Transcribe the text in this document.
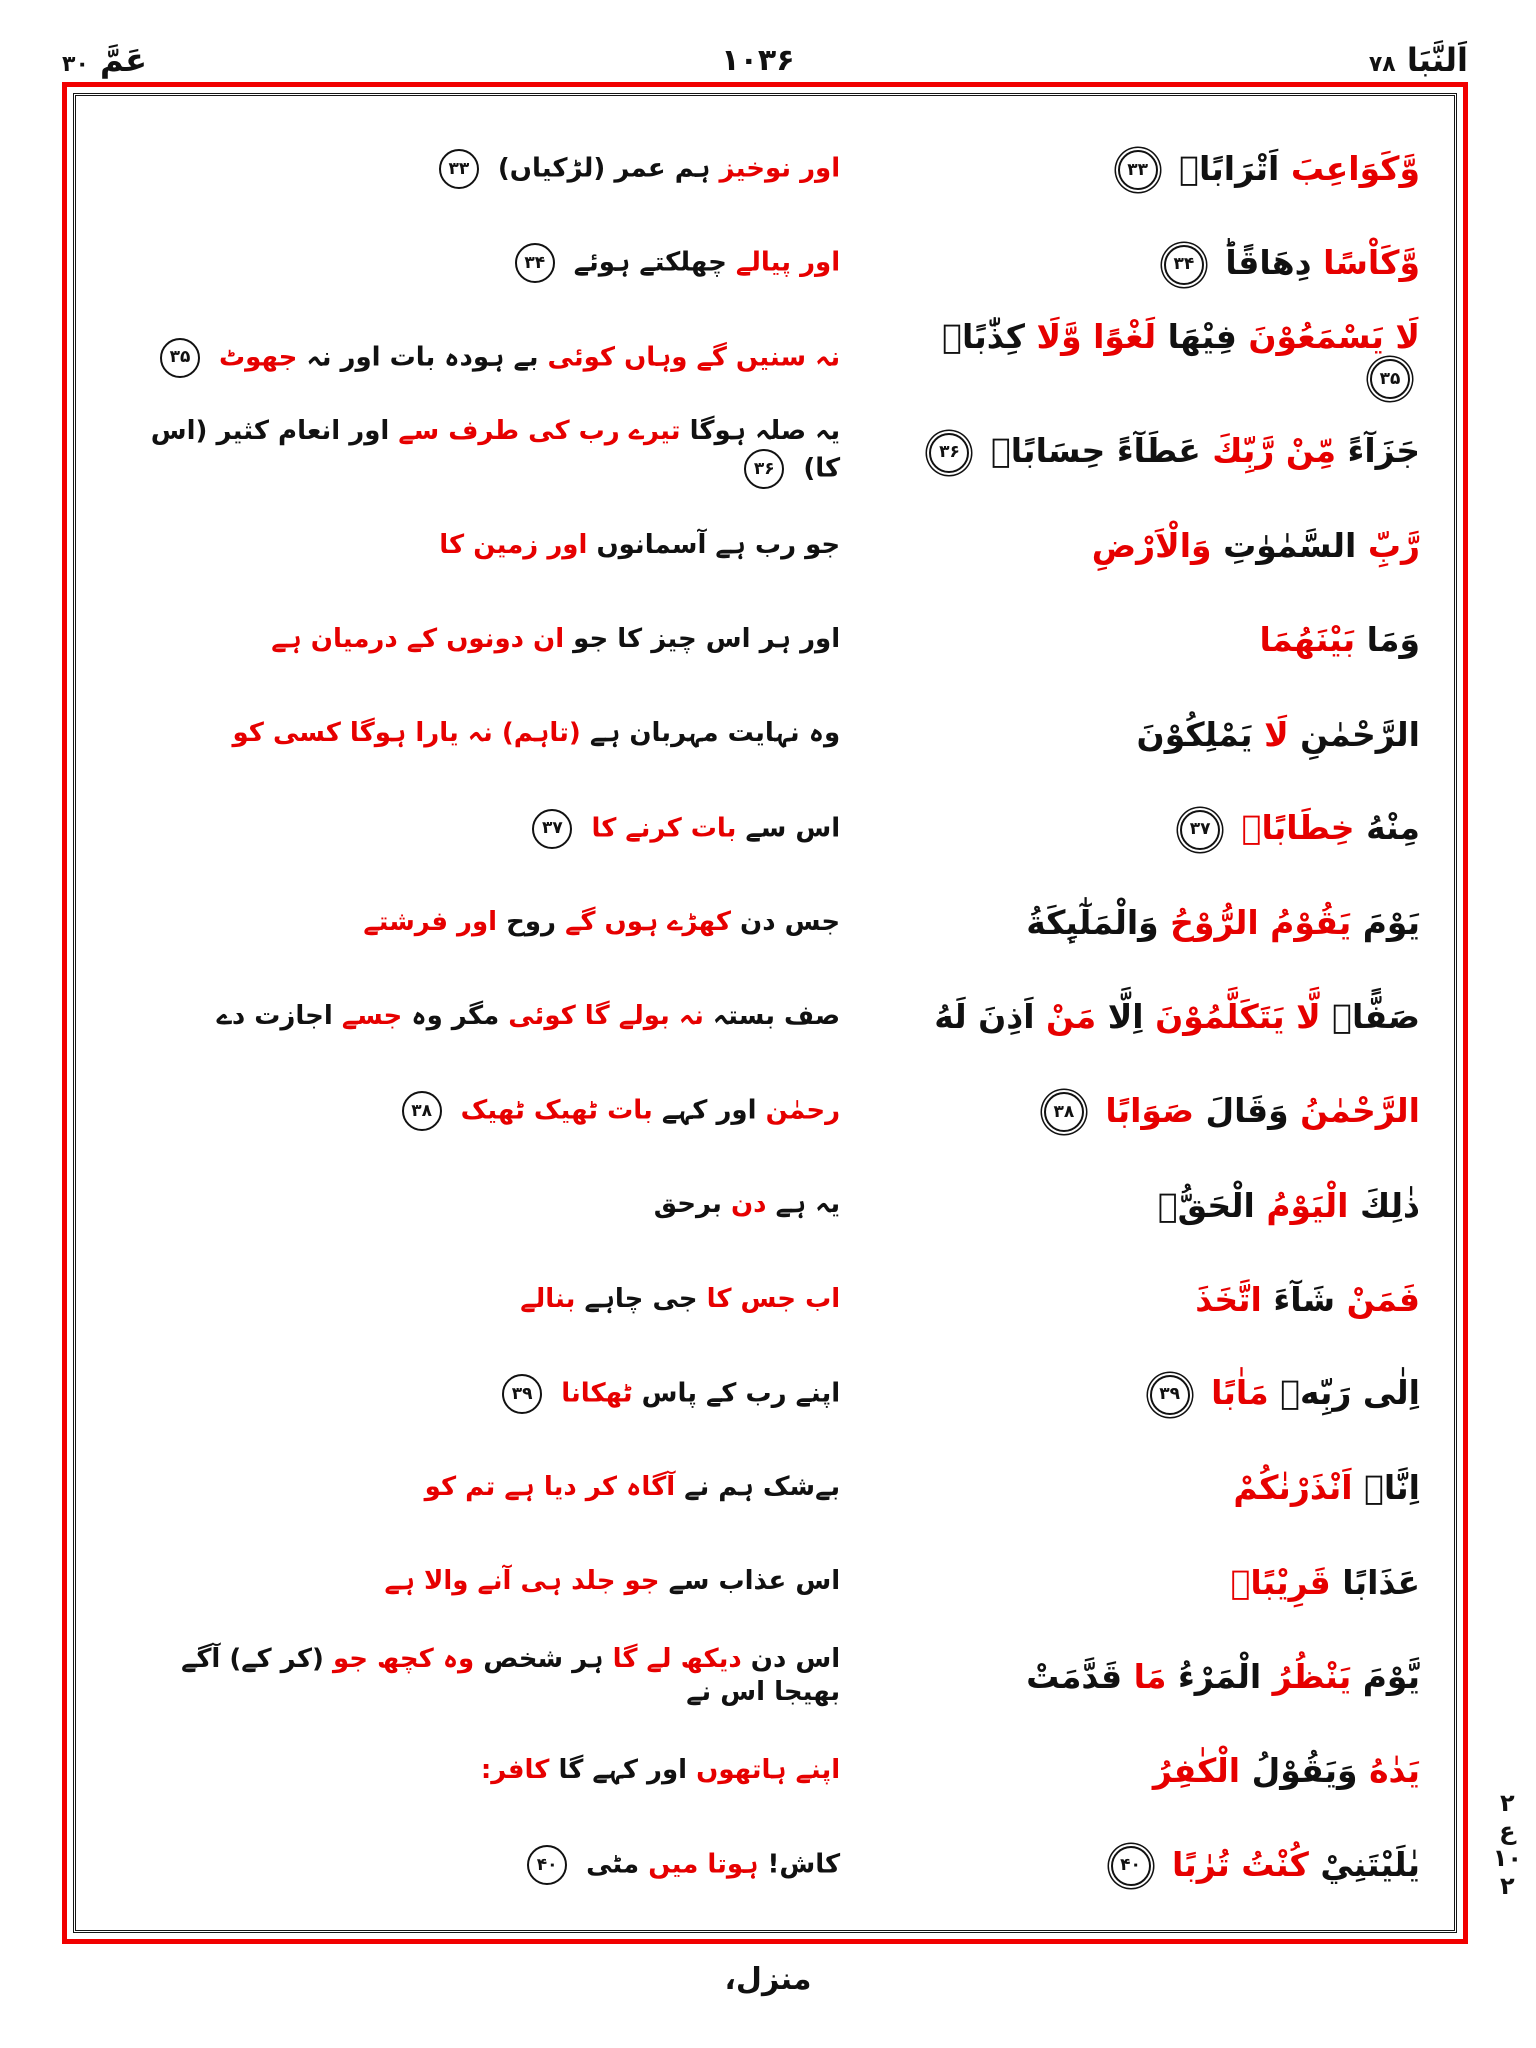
اَلنَّبَا ۷۸
۱۰۳۶
عَمَّ ۳۰
وَّكَوَاعِبَ اَتْرَابًاۙ ۳۳
اور نوخیز ہم عمر (لڑکیاں) ۳۳
وَّكَاْسًا دِهَاقًاؕ ۳۴
اور پیالے چھلکتے ہوئے ۳۴
لَا يَسْمَعُوْنَ فِيْهَا لَغْوًا وَّلَا كِذّٰبًاۚ ۳۵
نہ سنیں گے وہاں کوئی بے ہودہ بات اور نہ جھوٹ ۳۵
جَزَآءً مِّنْ رَّبِّكَ عَطَآءً حِسَابًاۙ ۳۶
یہ صلہ ہوگا تیرے رب کی طرف سے اور انعام کثیر (اس کا) ۳۶
رَّبِّ السَّمٰوٰتِ وَالْاَرْضِ
جو رب ہے آسمانوں اور زمین کا
وَمَا بَيْنَهُمَا
اور ہر اس چیز کا جو ان دونوں کے درمیان ہے
الرَّحْمٰنِ لَا يَمْلِكُوْنَ
وہ نہایت مہربان ہے (تاہم) نہ یارا ہوگا کسی کو
مِنْهُ خِطَابًاۚ ۳۷
اس سے بات کرنے کا ۳۷
يَوْمَ يَقُوْمُ الرُّوْحُ وَالْمَلٰٓىِٕكَةُ
جس دن کھڑے ہوں گے روح اور فرشتے
صَفًّاۙ لَّا يَتَكَلَّمُوْنَ اِلَّا مَنْ اَذِنَ لَهُ
صف بستہ نہ بولے گا کوئی مگر وہ جسے اجازت دے
الرَّحْمٰنُ وَقَالَ صَوَابًا ۳۸
رحمٰن اور کہے بات ٹھیک ٹھیک ۳۸
ذٰلِكَ الْيَوْمُ الْحَقُّۚ
یہ ہے دن برحق
فَمَنْ شَآءَ اتَّخَذَ
اب جس کا جی چاہے بنالے
اِلٰى رَبِّهٖ مَاٰبًا ۳۹
اپنے رب کے پاس ٹھکانا ۳۹
اِنَّاۤ اَنْذَرْنٰكُمْ
بےشک ہم نے آگاہ کر دیا ہے تم کو
عَذَابًا قَرِيْبًاۚ
اس عذاب سے جو جلد ہی آنے والا ہے
يَّوْمَ يَنْظُرُ الْمَرْءُ مَا قَدَّمَتْ
اس دن دیکھ لے گا ہر شخص وہ کچھ جو (کر کے) آگے بھیجا اس نے
يَدٰهُ وَيَقُوْلُ الْكٰفِرُ
اپنے ہاتھوں اور کہے گا کافر:
يٰلَيْتَنِيْ كُنْتُ تُرٰبًا ۴۰
کاش! ہوتا میں مٹی ۴۰
۲
ع
۱۰
۲
منزل،
